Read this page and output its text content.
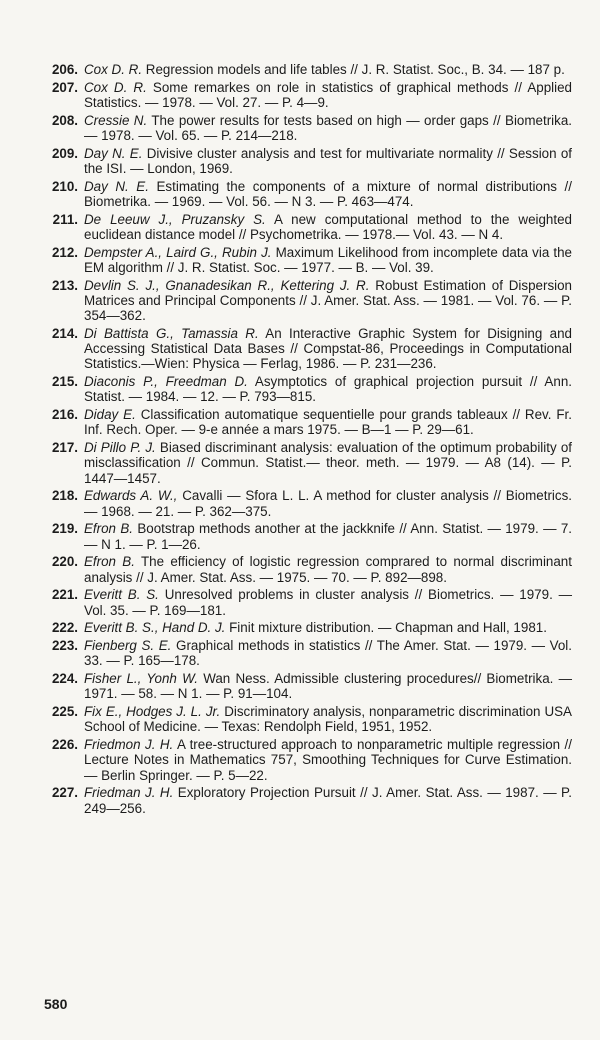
206. Cox D. R. Regression models and life tables // J. R. Statist. Soc., B. 34. — 187 p.
207. Cox D. R. Some remarkes on role in statistics of graphical methods // Applied Statistics. — 1978. — Vol. 27. — P. 4—9.
208. Cressie N. The power results for tests based on high — order gaps // Biometrika. — 1978. — Vol. 65. — P. 214—218.
209. Day N. E. Divisive cluster analysis and test for multivariate normality // Session of the ISI. — London, 1969.
210. Day N. E. Estimating the components of a mixture of normal distributions // Biometrika. — 1969. — Vol. 56. — N 3. — P. 463—474.
211. De Leeuw J., Pruzansky S. A new computational method to the weighted euclidean distance model // Psychometrika. — 1978.— Vol. 43. — N 4.
212. Dempster A., Laird G., Rubin J. Maximum Likelihood from incomplete data via the EM algorithm // J. R. Statist. Soc. — 1977. — B. — Vol. 39.
213. Devlin S. J., Gnanadesikan R., Kettering J. R. Robust Estimation of Dispersion Matrices and Principal Components // J. Amer. Stat. Ass. — 1981. — Vol. 76. — P. 354—362.
214. Di Battista G., Tamassia R. An Interactive Graphic System for Disigning and Accessing Statistical Data Bases // Compstat-86, Proceedings in Computational Statistics.—Wien: Physica — Ferlag, 1986. — P. 231—236.
215. Diaconis P., Freedman D. Asymptotics of graphical projection pursuit // Ann. Statist. — 1984. — 12. — P. 793—815.
216. Diday E. Classification automatique sequentielle pour grands tableaux // Rev. Fr. Inf. Rech. Oper. — 9-e année a mars 1975. — B—1 — P. 29—61.
217. Di Pillo P. J. Biased discriminant analysis: evaluation of the optimum probability of misclassification // Commun. Statist.— theor. meth. — 1979. — A8 (14). — P. 1447—1457.
218. Edwards A. W., Cavalli — Sfora L. L. A method for cluster analysis // Biometrics. — 1968. — 21. — P. 362—375.
219. Efron B. Bootstrap methods another at the jackknife // Ann. Statist. — 1979. — 7. — N 1. — P. 1—26.
220. Efron B. The efficiency of logistic regression comprared to normal discriminant analysis // J. Amer. Stat. Ass. — 1975. — 70. — P. 892—898.
221. Everitt B. S. Unresolved problems in cluster analysis // Biometrics. — 1979. — Vol. 35. — P. 169—181.
222. Everitt B. S., Hand D. J. Finit mixture distribution. — Chapman and Hall, 1981.
223. Fienberg S. E. Graphical methods in statistics // The Amer. Stat. — 1979. — Vol. 33. — P. 165—178.
224. Fisher L., Yonh W. Wan Ness. Admissible clustering procedures// Biometrika. — 1971. — 58. — N 1. — P. 91—104.
225. Fix E., Hodges J. L. Jr. Discriminatory analysis, nonparametric discrimination USA School of Medicine. — Texas: Rendolph Field, 1951, 1952.
226. Friedmon J. H. A tree-structured approach to nonparametric multiple regression // Lecture Notes in Mathematics 757, Smoothing Techniques for Curve Estimation. — Berlin Springer. — P. 5—22.
227. Friedman J. H. Exploratory Projection Pursuit // J. Amer. Stat. Ass. — 1987. — P. 249—256.
580
